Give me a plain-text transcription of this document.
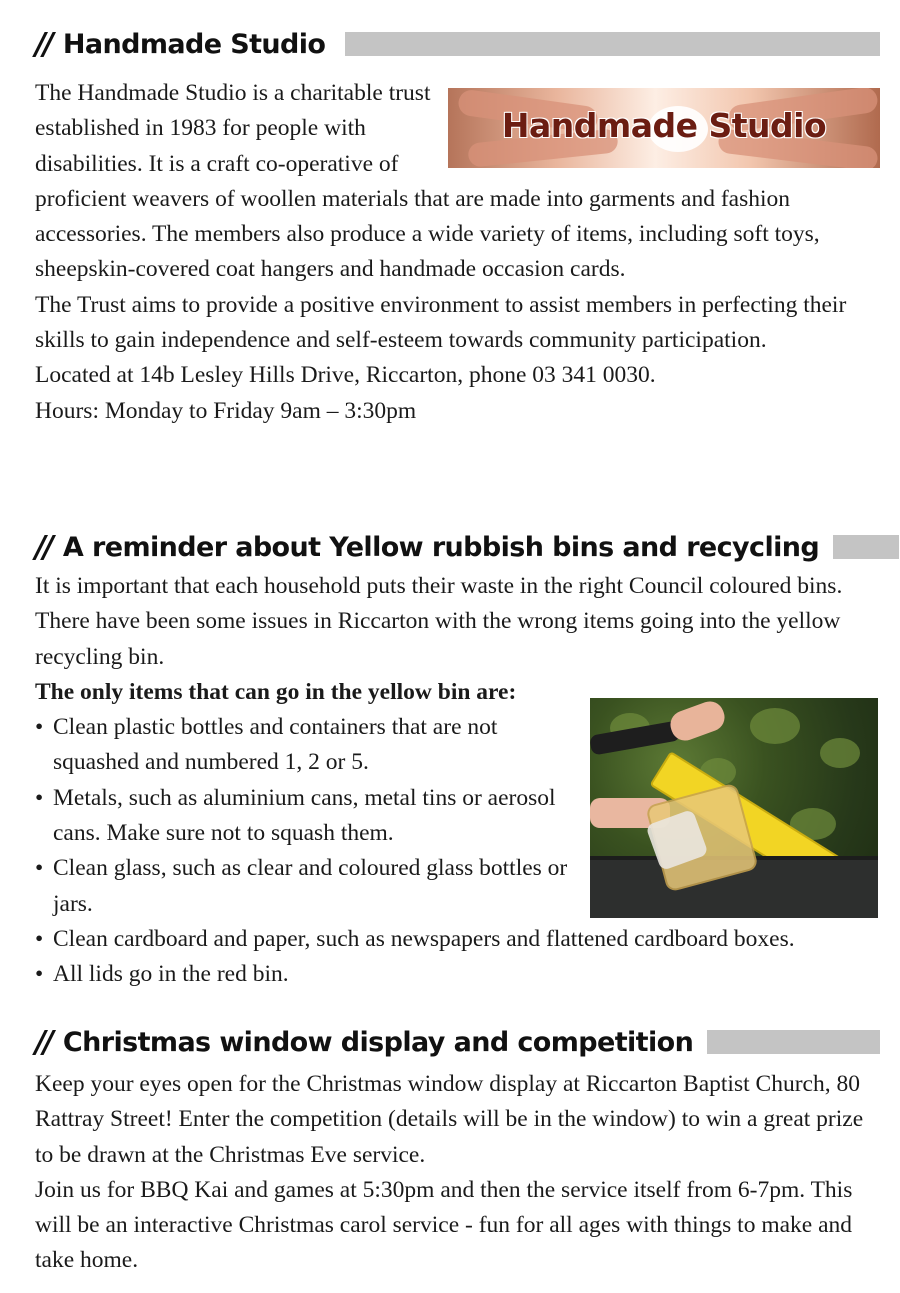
// Handmade Studio
Handmade Studio

The Handmade Studio is a charitable trust established in 1983 for people with disabilities. It is a craft co-operative of proficient weavers of woollen materials that are made into garments and fashion accessories. The members also produce a wide variety of items, including soft toys, sheepskin-covered coat hangers and handmade occasion cards.

The Trust aims to provide a positive environment to assist members in perfecting their skills to gain independence and self-esteem towards community participation.

Located at 14b Lesley Hills Drive, Riccarton, phone 03 341 0030.

Hours: Monday to Friday 9am – 3:30pm

// A reminder about Yellow rubbish bins and recycling

It is important that each household puts their waste in the right Council coloured bins. There have been some issues in Riccarton with the wrong items going into the yellow recycling bin.

The only items that can go in the yellow bin are:

• Clean plastic bottles and containers that are not squashed and numbered 1, 2 or 5.
• Metals, such as aluminium cans, metal tins or aerosol cans. Make sure not to squash them.
• Clean glass, such as clear and coloured glass bottles or jars.
• Clean cardboard and paper, such as newspapers and flattened cardboard boxes.
• All lids go in the red bin.
// Christmas window display and competition

Keep your eyes open for the Christmas window display at Riccarton Baptist Church, 80 Rattray Street! Enter the competition (details will be in the window) to win a great prize to be drawn at the Christmas Eve service.

Join us for BBQ Kai and games at 5:30pm and then the service itself from 6-7pm. This will be an interactive Christmas carol service - fun for all ages with things to make and take home.
